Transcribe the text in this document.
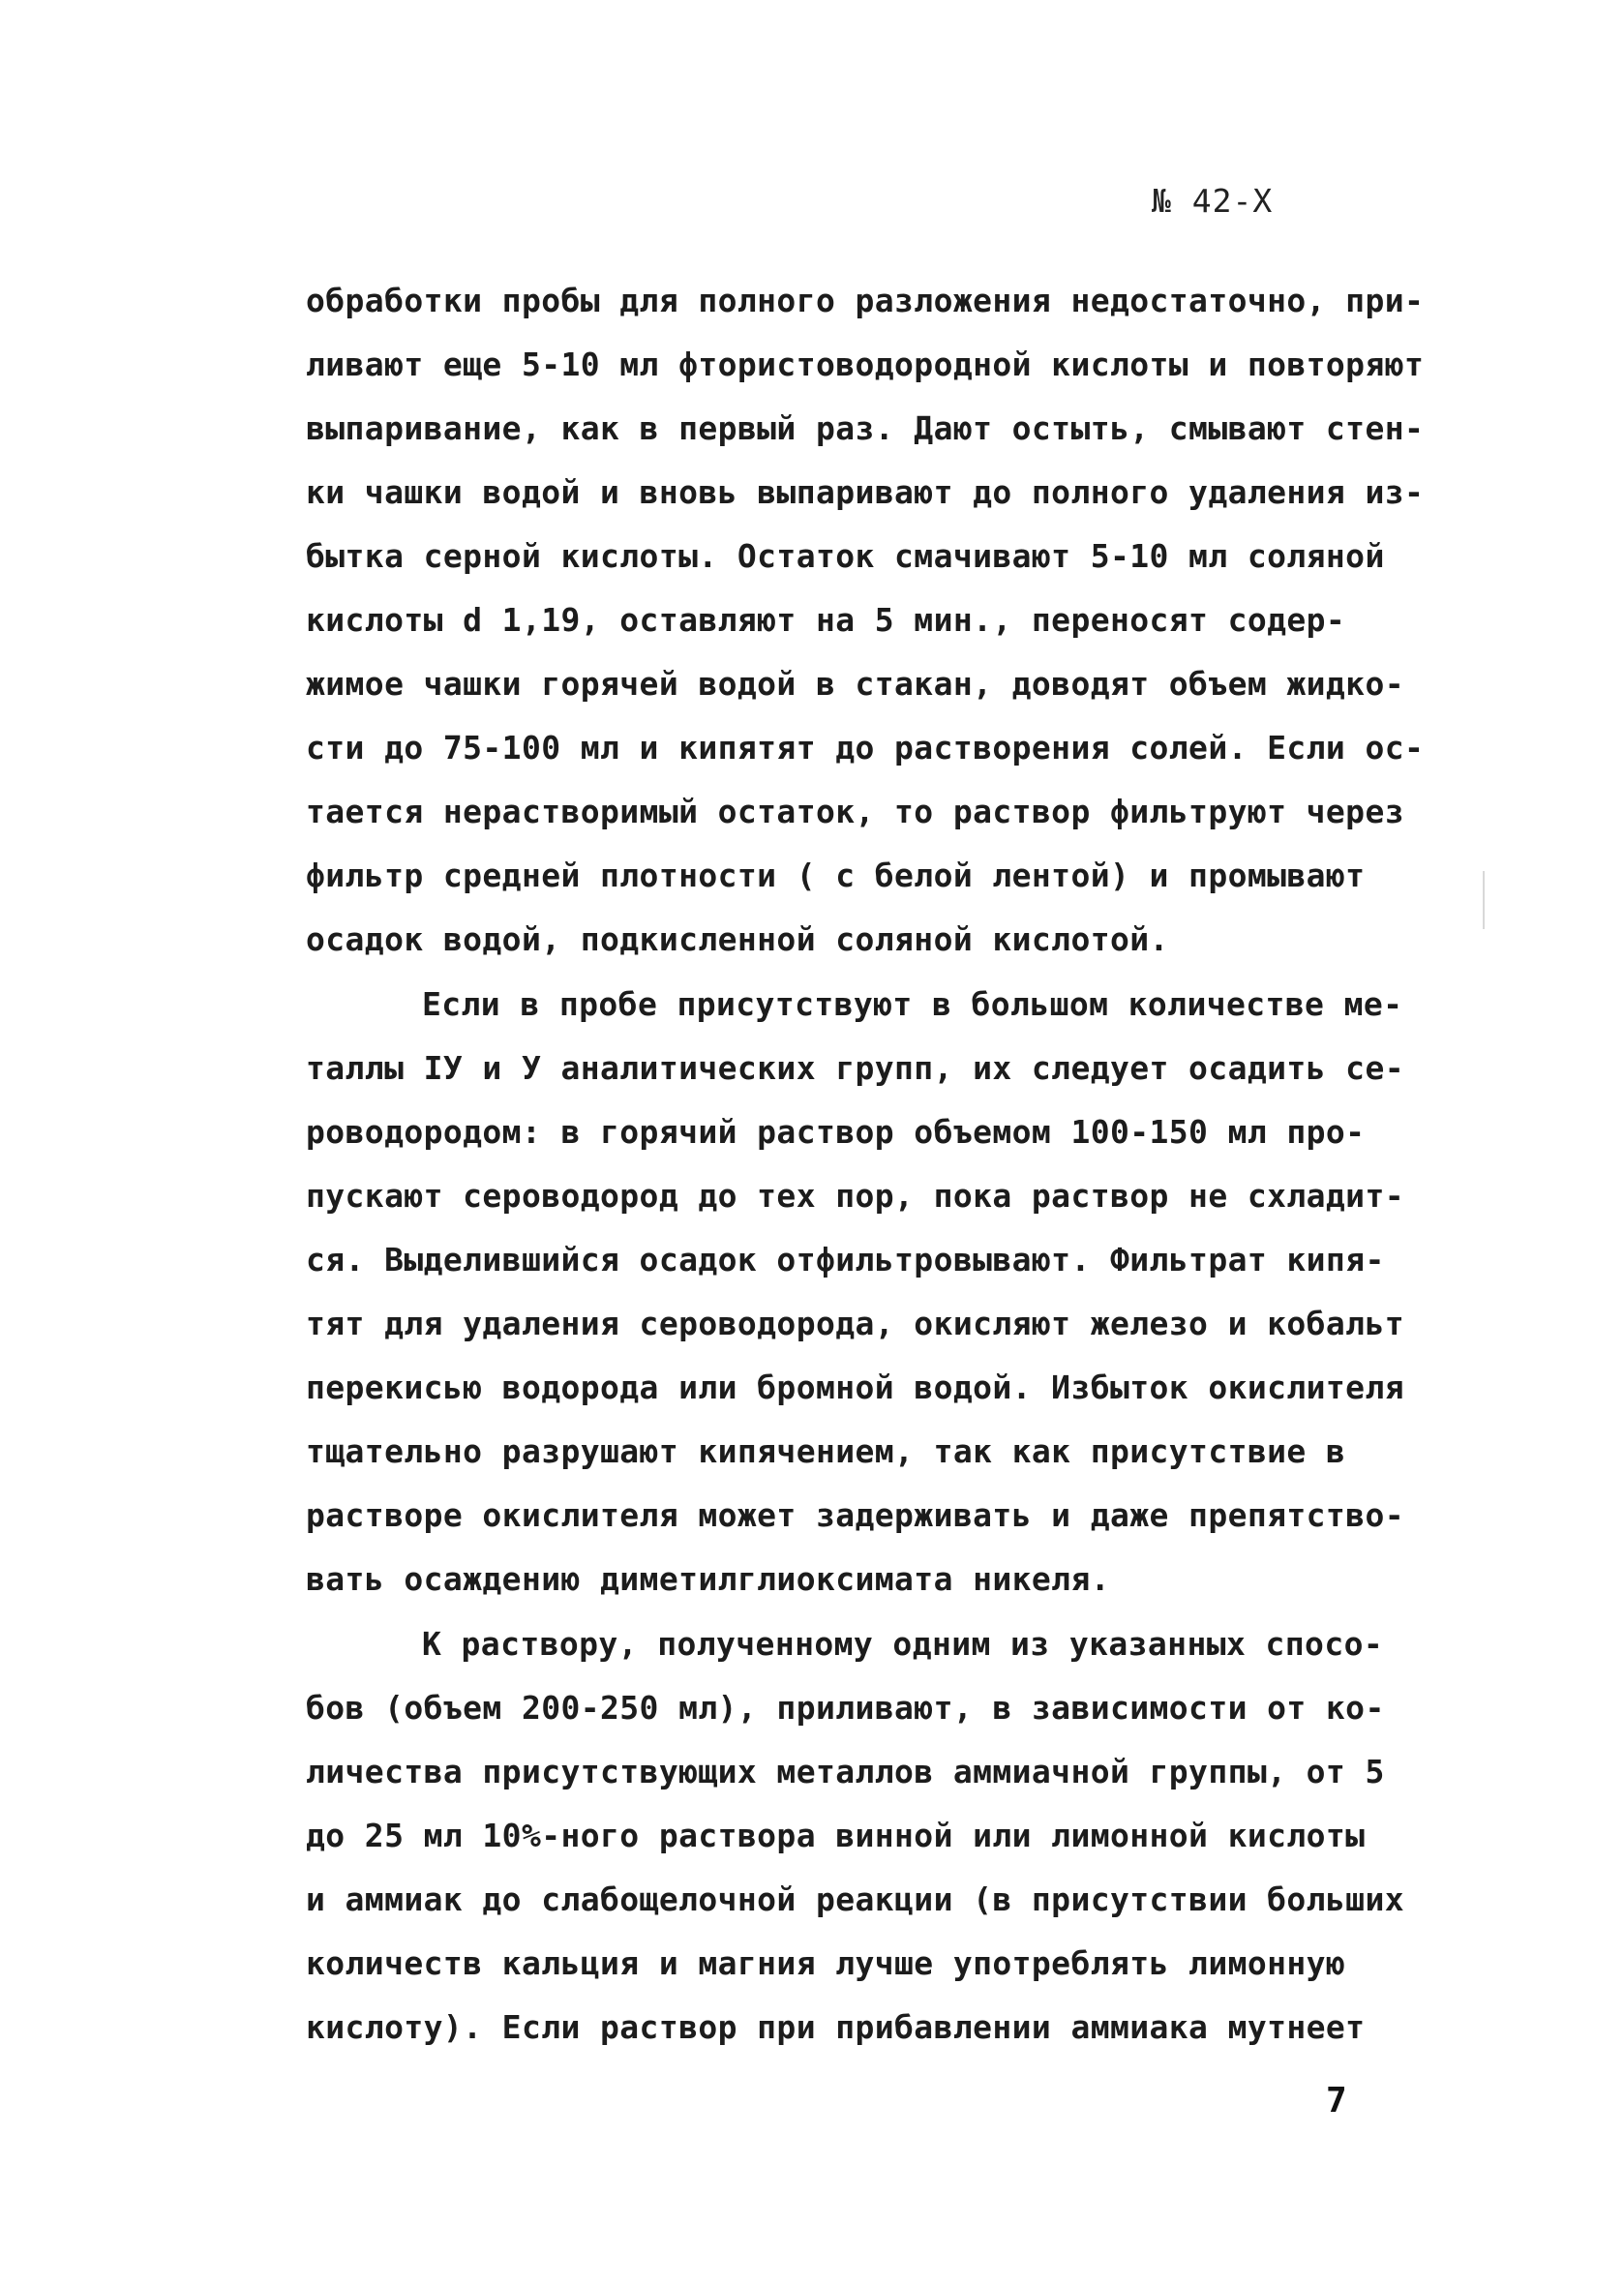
№ 42-Х
обработки пробы для полного разложения недостаточно, при-
ливают еще 5-10 мл фтористоводородной кислоты и повторяют
выпаривание, как в первый раз. Дают остыть, смывают стен-
ки чашки водой и вновь выпаривают до полного удаления из-
бытка серной кислоты. Остаток смачивают 5-10 мл соляной
кислоты d 1,19, оставляют на 5 мин., переносят содер-
жимое чашки горячей водой в стакан, доводят объем жидко-
сти до 75-100 мл и кипятят до растворения солей. Если ос-
тается нерастворимый остаток, то раствор фильтруют через
фильтр средней плотности ( с белой лентой) и промывают
осадок водой, подкисленной соляной кислотой.
Если в пробе присутствуют в большом количестве ме-
таллы IУ и У аналитических групп, их следует осадить се-
роводородом: в горячий раствор объемом 100-150 мл про-
пускают сероводород до тех пор, пока раствор не схладит-
ся. Выделившийся осадок отфильтровывают. Фильтрат кипя-
тят для удаления сероводорода, окисляют железо и кобальт
перекисью водорода или бромной водой. Избыток окислителя
тщательно разрушают кипячением, так как присутствие в
растворе окислителя может задерживать и даже препятство-
вать осаждению диметилглиоксимата никеля.
К раствору, полученному одним из указанных спосо-
бов (объем 200-250 мл), приливают, в зависимости от ко-
личества присутствующих металлов аммиачной группы, от 5
до 25 мл 10%-ного раствора винной или лимонной кислоты
и аммиак до слабощелочной реакции (в присутствии больших
количеств кальция и магния лучше употреблять лимонную
кислоту). Если раствор при прибавлении аммиака мутнеет
7
